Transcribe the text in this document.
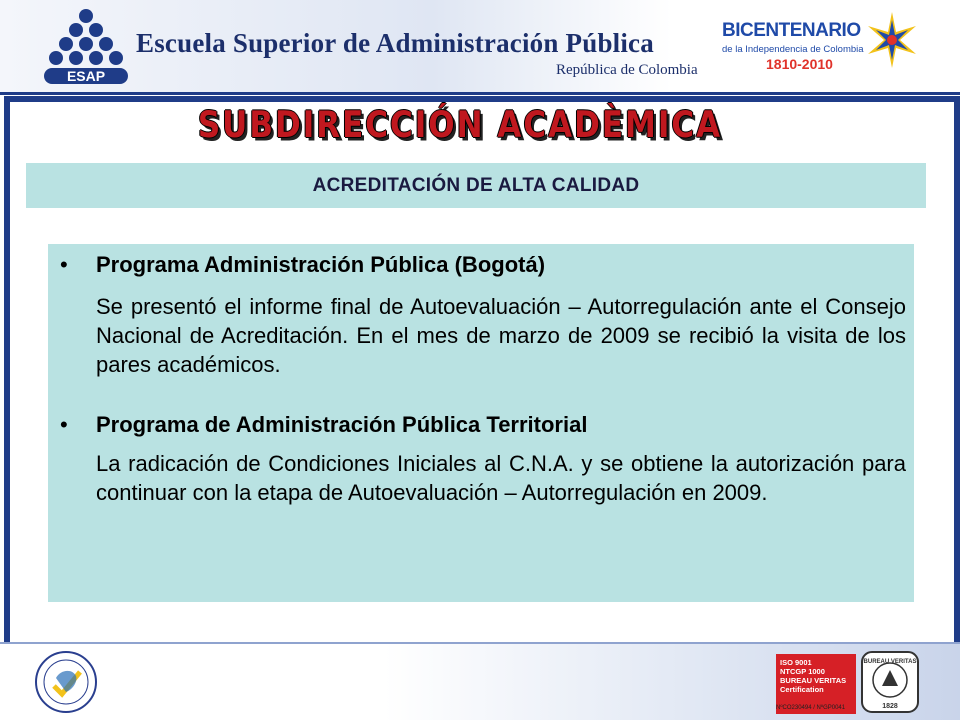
ESAP
Escuela Superior de Administración Pública
República de Colombia
BICENTENARIO
de la Independencia de Colombia
1810-2010
SUBDIRECCIÓN ACADÈMICA
ACREDITACIÓN DE ALTA CALIDAD
• Programa Administración Pública (Bogotá)
Se presentó el informe final de Autoevaluación – Autorregulación ante el Consejo Nacional de Acreditación. En el mes de marzo de 2009 se recibió la visita de los pares académicos.
• Programa de Administración Pública Territorial
La radicación de Condiciones Iniciales al C.N.A. y se obtiene la autorización para continuar con la etapa de Autoevaluación – Autorregulación en 2009.
ISO 9001
NTCGP 1000
BUREAU VERITAS
Certification
NºCO230494 / NºGP0041
BUREAU VERITAS
1828
